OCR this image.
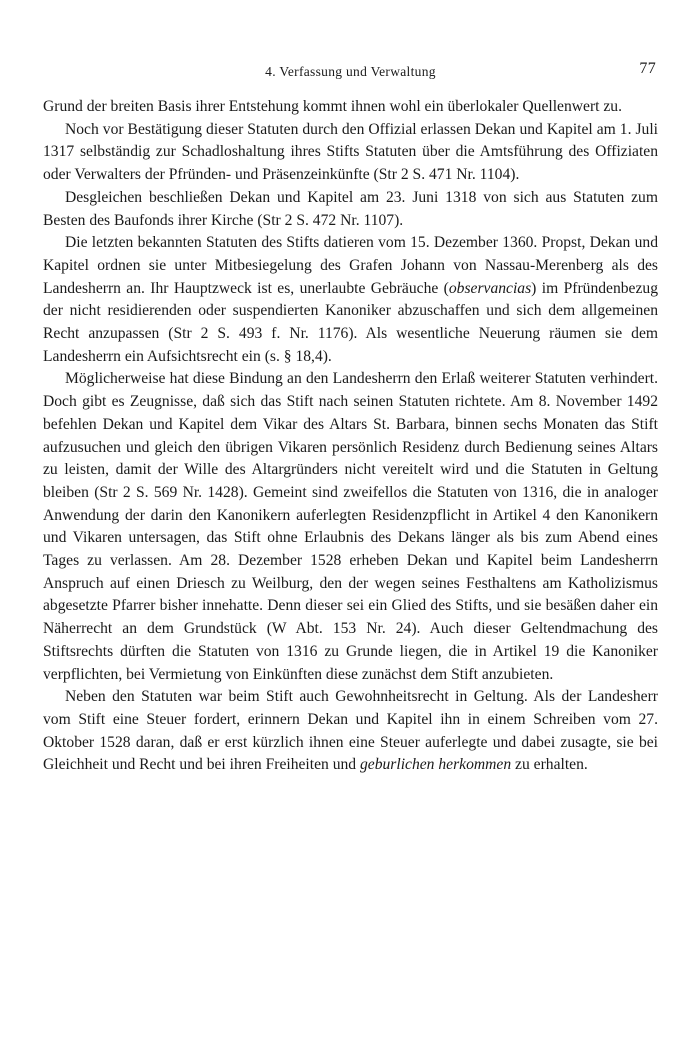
4. Verfassung und Verwaltung	77

Grund der breiten Basis ihrer Entstehung kommt ihnen wohl ein überlokaler Quellenwert zu.

Noch vor Bestätigung dieser Statuten durch den Offizial erlassen Dekan und Kapitel am 1. Juli 1317 selbständig zur Schadloshaltung ihres Stifts Statuten über die Amtsführung des Offiziaten oder Verwalters der Pfründen- und Präsenzeinkünfte (Str 2 S. 471 Nr. 1104).

Desgleichen beschließen Dekan und Kapitel am 23. Juni 1318 von sich aus Statuten zum Besten des Baufonds ihrer Kirche (Str 2 S. 472 Nr. 1107).

Die letzten bekannten Statuten des Stifts datieren vom 15. Dezember 1360. Propst, Dekan und Kapitel ordnen sie unter Mitbesiegelung des Grafen Johann von Nassau-Merenberg als des Landesherrn an. Ihr Hauptzweck ist es, unerlaubte Gebräuche (observancias) im Pfründenbezug der nicht residierenden oder suspendierten Kanoniker abzuschaffen und sich dem allgemeinen Recht anzupassen (Str 2 S. 493 f. Nr. 1176). Als wesentliche Neuerung räumen sie dem Landesherrn ein Aufsichtsrecht ein (s. § 18,4).

Möglicherweise hat diese Bindung an den Landesherrn den Erlaß weiterer Statuten verhindert. Doch gibt es Zeugnisse, daß sich das Stift nach seinen Statuten richtete. Am 8. November 1492 befehlen Dekan und Kapitel dem Vikar des Altars St. Barbara, binnen sechs Monaten das Stift aufzusuchen und gleich den übrigen Vikaren persönlich Residenz durch Bedienung seines Altars zu leisten, damit der Wille des Altargründers nicht vereitelt wird und die Statuten in Geltung bleiben (Str 2 S. 569 Nr. 1428). Gemeint sind zweifellos die Statuten von 1316, die in analoger Anwendung der darin den Kanonikern auferlegten Residenzpflicht in Artikel 4 den Kanonikern und Vikaren untersagen, das Stift ohne Erlaubnis des Dekans länger als bis zum Abend eines Tages zu verlassen. Am 28. Dezember 1528 erheben Dekan und Kapitel beim Landesherrn Anspruch auf einen Driesch zu Weilburg, den der wegen seines Festhaltens am Katholizismus abgesetzte Pfarrer bisher innehatte. Denn dieser sei ein Glied des Stifts, und sie besäßen daher ein Näherrecht an dem Grundstück (W Abt. 153 Nr. 24). Auch dieser Geltendmachung des Stiftsrechts dürften die Statuten von 1316 zu Grunde liegen, die in Artikel 19 die Kanoniker verpflichten, bei Vermietung von Einkünften diese zunächst dem Stift anzubieten.

Neben den Statuten war beim Stift auch Gewohnheitsrecht in Geltung. Als der Landesherr vom Stift eine Steuer fordert, erinnern Dekan und Kapitel ihn in einem Schreiben vom 27. Oktober 1528 daran, daß er erst kürzlich ihnen eine Steuer auferlegte und dabei zusagte, sie bei Gleichheit und Recht und bei ihren Freiheiten und geburlichen herkommen zu erhalten.
